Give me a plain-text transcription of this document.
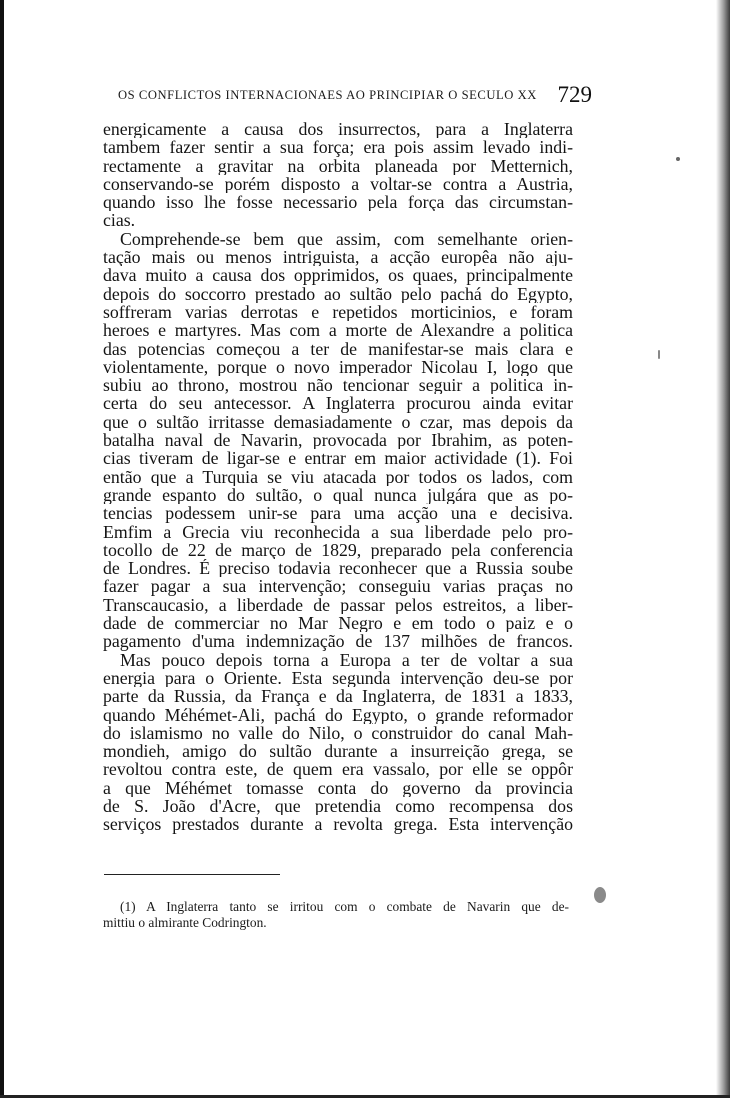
OS CONFLICTOS INTERNACIONAES AO PRINCIPIAR O SECULO XX 729
energicamente a causa dos insurrectos, para a Inglaterra
tambem fazer sentir a sua força; era pois assim levado indi-
rectamente a gravitar na orbita planeada por Metternich,
conservando-se porém disposto a voltar-se contra a Austria,
quando isso lhe fosse necessario pela força das circumstan-
cias.
Comprehende-se bem que assim, com semelhante orien-
tação mais ou menos intriguista, a acção europêa não aju-
dava muito a causa dos opprimidos, os quaes, principalmente
depois do soccorro prestado ao sultão pelo pachá do Egypto,
soffreram varias derrotas e repetidos morticinios, e foram
heroes e martyres. Mas com a morte de Alexandre a politica
das potencias começou a ter de manifestar-se mais clara e
violentamente, porque o novo imperador Nicolau I, logo que
subiu ao throno, mostrou não tencionar seguir a politica in-
certa do seu antecessor. A Inglaterra procurou ainda evitar
que o sultão irritasse demasiadamente o czar, mas depois da
batalha naval de Navarin, provocada por Ibrahim, as poten-
cias tiveram de ligar-se e entrar em maior actividade (1). Foi
então que a Turquia se viu atacada por todos os lados, com
grande espanto do sultão, o qual nunca julgára que as po-
tencias podessem unir-se para uma acção una e decisiva.
Emfim a Grecia viu reconhecida a sua liberdade pelo pro-
tocollo de 22 de março de 1829, preparado pela conferencia
de Londres. É preciso todavia reconhecer que a Russia soube
fazer pagar a sua intervenção; conseguiu varias praças no
Transcaucasio, a liberdade de passar pelos estreitos, a liber-
dade de commerciar no Mar Negro e em todo o paiz e o
pagamento d'uma indemnização de 137 milhões de francos.
Mas pouco depois torna a Europa a ter de voltar a sua
energia para o Oriente. Esta segunda intervenção deu-se por
parte da Russia, da França e da Inglaterra, de 1831 a 1833,
quando Méhémet-Ali, pachá do Egypto, o grande reformador
do islamismo no valle do Nilo, o construidor do canal Mah-
mondieh, amigo do sultão durante a insurreição grega, se
revoltou contra este, de quem era vassalo, por elle se oppôr
a que Méhémet tomasse conta do governo da provincia
de S. João d'Acre, que pretendia como recompensa dos
serviços prestados durante a revolta grega. Esta intervenção
(1) A Inglaterra tanto se irritou com o combate de Navarin que de-
mittiu o almirante Codrington.
